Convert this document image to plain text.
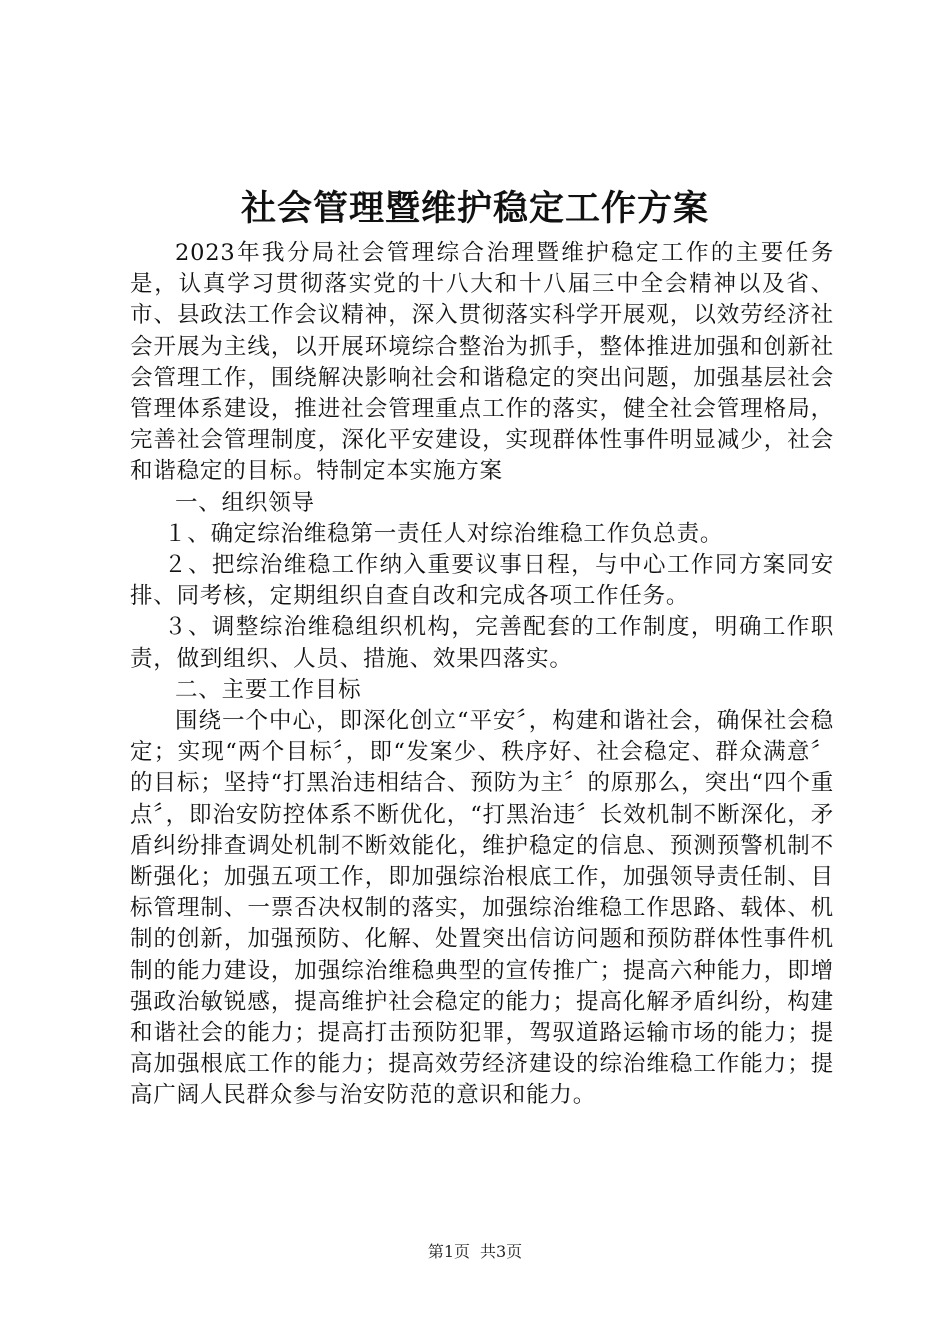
社会管理暨维护稳定工作方案

2023年我分局社会管理综合治理暨维护稳定工作的主要任务是，认真学习贯彻落实党的十八大和十八届三中全会精神以及省、市、县政法工作会议精神，深入贯彻落实科学开展观，以效劳经济社会开展为主线，以开展环境综合整治为抓手，整体推进加强和创新社会管理工作，围绕解决影响社会和谐稳定的突出问题，加强基层社会管理体系建设，推进社会管理重点工作的落实，健全社会管理格局，完善社会管理制度，深化平安建设，实现群体性事件明显减少，社会和谐稳定的目标。特制定本实施方案

一、组织领导

１、确定综治维稳第一责任人对综治维稳工作负总责。

２、把综治维稳工作纳入重要议事日程，与中心工作同方案同安排、同考核，定期组织自查自改和完成各项工作任务。

３、调整综治维稳组织机构，完善配套的工作制度，明确工作职责，做到组织、人员、措施、效果四落实。

二、主要工作目标

围绕一个中心，即深化创立“平安〞，构建和谐社会，确保社会稳定；实现“两个目标〞，即“发案少、秩序好、社会稳定、群众满意〞的目标；坚持“打黑治违相结合、预防为主〞的原那么，突出“四个重点〞，即治安防控体系不断优化，“打黑治违〞长效机制不断深化，矛盾纠纷排查调处机制不断效能化，维护稳定的信息、预测预警机制不断强化；加强五项工作，即加强综治根底工作，加强领导责任制、目标管理制、一票否决权制的落实，加强综治维稳工作思路、载体、机制的创新，加强预防、化解、处置突出信访问题和预防群体性事件机制的能力建设，加强综治维稳典型的宣传推广；提高六种能力，即增强政治敏锐感，提高维护社会稳定的能力；提高化解矛盾纠纷，构建和谐社会的能力；提高打击预防犯罪，驾驭道路运输市场的能力；提高加强根底工作的能力；提高效劳经济建设的综治维稳工作能力；提高广阔人民群众参与治安防范的意识和能力。

第1页 共3页
